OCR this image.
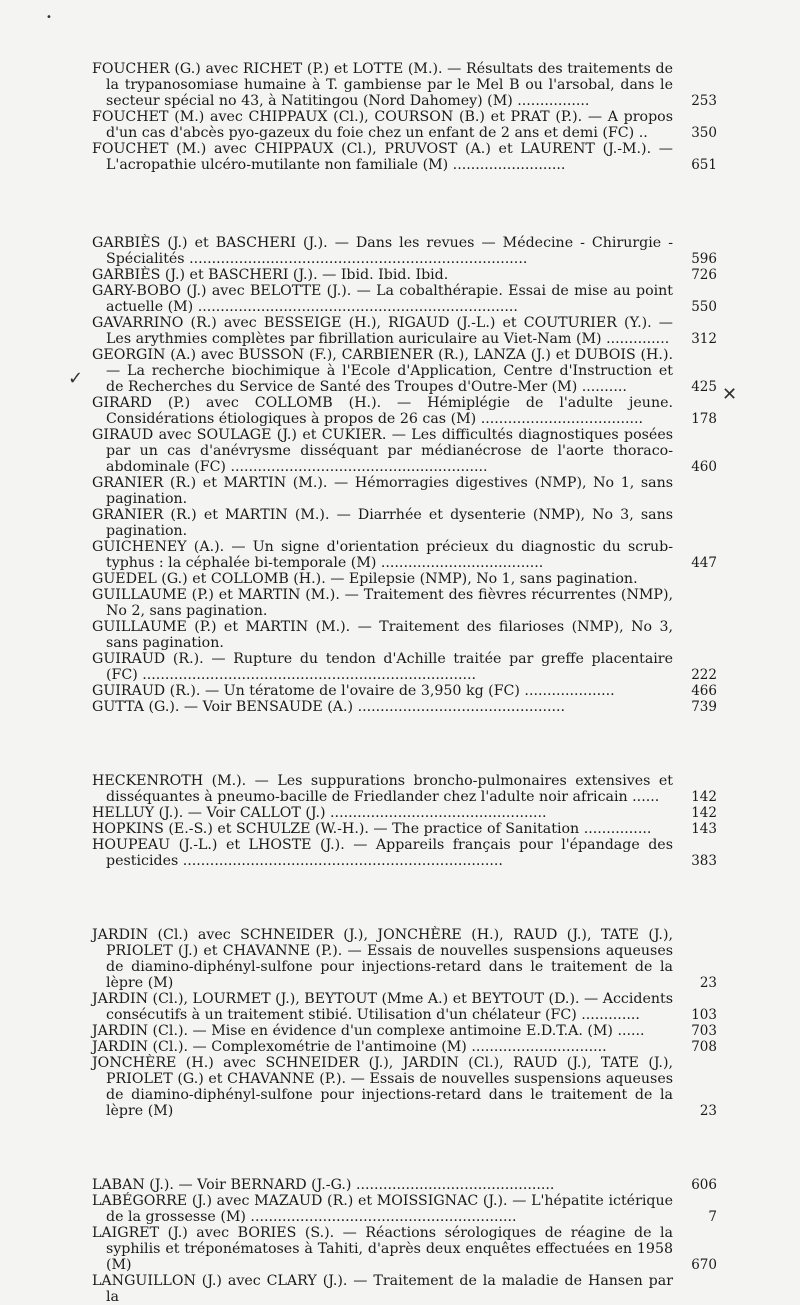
•
✓
✕

FOUCHER (G.) avec RICHET (P.) et LOTTE (M.). — Résultats des traitements de la trypanosomiase humaine à T. gambiense par le Mel B ou l'arsobal, dans le secteur spécial no 43, à Natitingou (Nord Dahomey) (M) ................	253

FOUCHET (M.) avec CHIPPAUX (Cl.), COURSON (B.) et PRAT (P.). — A propos d'un cas d'abcès pyo-gazeux du foie chez un enfant de 2 ans et demi (FC) ..	350

FOUCHET (M.) avec CHIPPAUX (Cl.), PRUVOST (A.) et LAURENT (J.-M.). — L'acropathie ulcéro-mutilante non familiale (M) .........................	651

GARBIÈS (J.) et BASCHERI (J.). — Dans les revues — Médecine - Chirurgie - Spécialités ...........................................................................	596

GARBIÈS (J.) et BASCHERI (J.). — Ibid. Ibid. Ibid.	726

GARY-BOBO (J.) avec BELOTTE (J.). — La cobalthérapie. Essai de mise au point actuelle (M) .......................................................................	550

GAVARRINO (R.) avec BESSEIGE (H.), RIGAUD (J.-L.) et COUTURIER (Y.). — Les arythmies complètes par fibrillation auriculaire au Viet-Nam (M) ..............	312

GEORGIN (A.) avec BUSSON (F.), CARBIENER (R.), LANZA (J.) et DUBOIS (H.). — La recherche biochimique à l'Ecole d'Application, Centre d'Instruction et de Recherches du Service de Santé des Troupes d'Outre-Mer (M) ..........	425

GIRARD (P.) avec COLLOMB (H.). — Hémiplégie de l'adulte jeune. Considérations étiologiques à propos de 26 cas (M) ....................................	178

GIRAUD avec SOULAGE (J.) et CUKIER. — Les difficultés diagnostiques posées par un cas d'anévrysme disséquant par médianécrose de l'aorte thoraco-abdominale (FC) .........................................................	460

GRANIER (R.) et MARTIN (M.). — Hémorragies digestives (NMP), No 1, sans pagination.

GRANIER (R.) et MARTIN (M.). — Diarrhée et dysenterie (NMP), No 3, sans pagination.

GUICHENEY (A.). — Un signe d'orientation précieux du diagnostic du scrub-typhus : la céphalée bi-temporale (M) ....................................	447

GUEDEL (G.) et COLLOMB (H.). — Epilepsie (NMP), No 1, sans pagination.

GUILLAUME (P.) et MARTIN (M.). — Traitement des fièvres récurrentes (NMP), No 2, sans pagination.

GUILLAUME (P.) et MARTIN (M.). — Traitement des filarioses (NMP), No 3, sans pagination.

GUIRAUD (R.). — Rupture du tendon d'Achille traitée par greffe placentaire (FC) ..........................................................................	222

GUIRAUD (R.). — Un tératome de l'ovaire de 3,950 kg (FC) ....................	466

GUTTA (G.). — Voir BENSAUDE (A.) ..............................................	739

HECKENROTH (M.). — Les suppurations broncho-pulmonaires extensives et disséquantes à pneumo-bacille de Friedlander chez l'adulte noir africain ......	142

HELLUY (J.). — Voir CALLOT (J.) ................................................	142

HOPKINS (E.-S.) et SCHULZE (W.-H.). — The practice of Sanitation ...............	143

HOUPEAU (J.-L.) et LHOSTE (J.). — Appareils français pour l'épandage des pesticides .......................................................................	383

JARDIN (Cl.) avec SCHNEIDER (J.), JONCHÈRE (H.), RAUD (J.), TATE (J.), PRIOLET (J.) et CHAVANNE (P.). — Essais de nouvelles suspensions aqueuses de diamino-diphényl-sulfone pour injections-retard dans le traitement de la lèpre (M)	23

JARDIN (Cl.), LOURMET (J.), BEYTOUT (Mme A.) et BEYTOUT (D.). — Accidents consécutifs à un traitement stibié. Utilisation d'un chélateur (FC) .............	103

JARDIN (Cl.). — Mise en évidence d'un complexe antimoine E.D.T.A. (M) ......	703

JARDIN (Cl.). — Complexométrie de l'antimoine (M) ..............................	708

JONCHÈRE (H.) avec SCHNEIDER (J.), JARDIN (Cl.), RAUD (J.), TATE (J.), PRIOLET (G.) et CHAVANNE (P.). — Essais de nouvelles suspensions aqueuses de diamino-diphényl-sulfone pour injections-retard dans le traitement de la lèpre (M)	23

LABAN (J.). — Voir BERNARD (J.-G.) ............................................	606

LABÉGORRE (J.) avec MAZAUD (R.) et MOISSIGNAC (J.). — L'hépatite ictérique de la grossesse (M) ...........................................................	7

LAIGRET (J.) avec BORIES (S.). — Réactions sérologiques de réagine de la syphilis et tréponématoses à Tahiti, d'après deux enquêtes effectuées en 1958 (M)	670

LANGUILLON (J.) avec CLARY (J.). — Traitement de la maladie de Hansen par la
